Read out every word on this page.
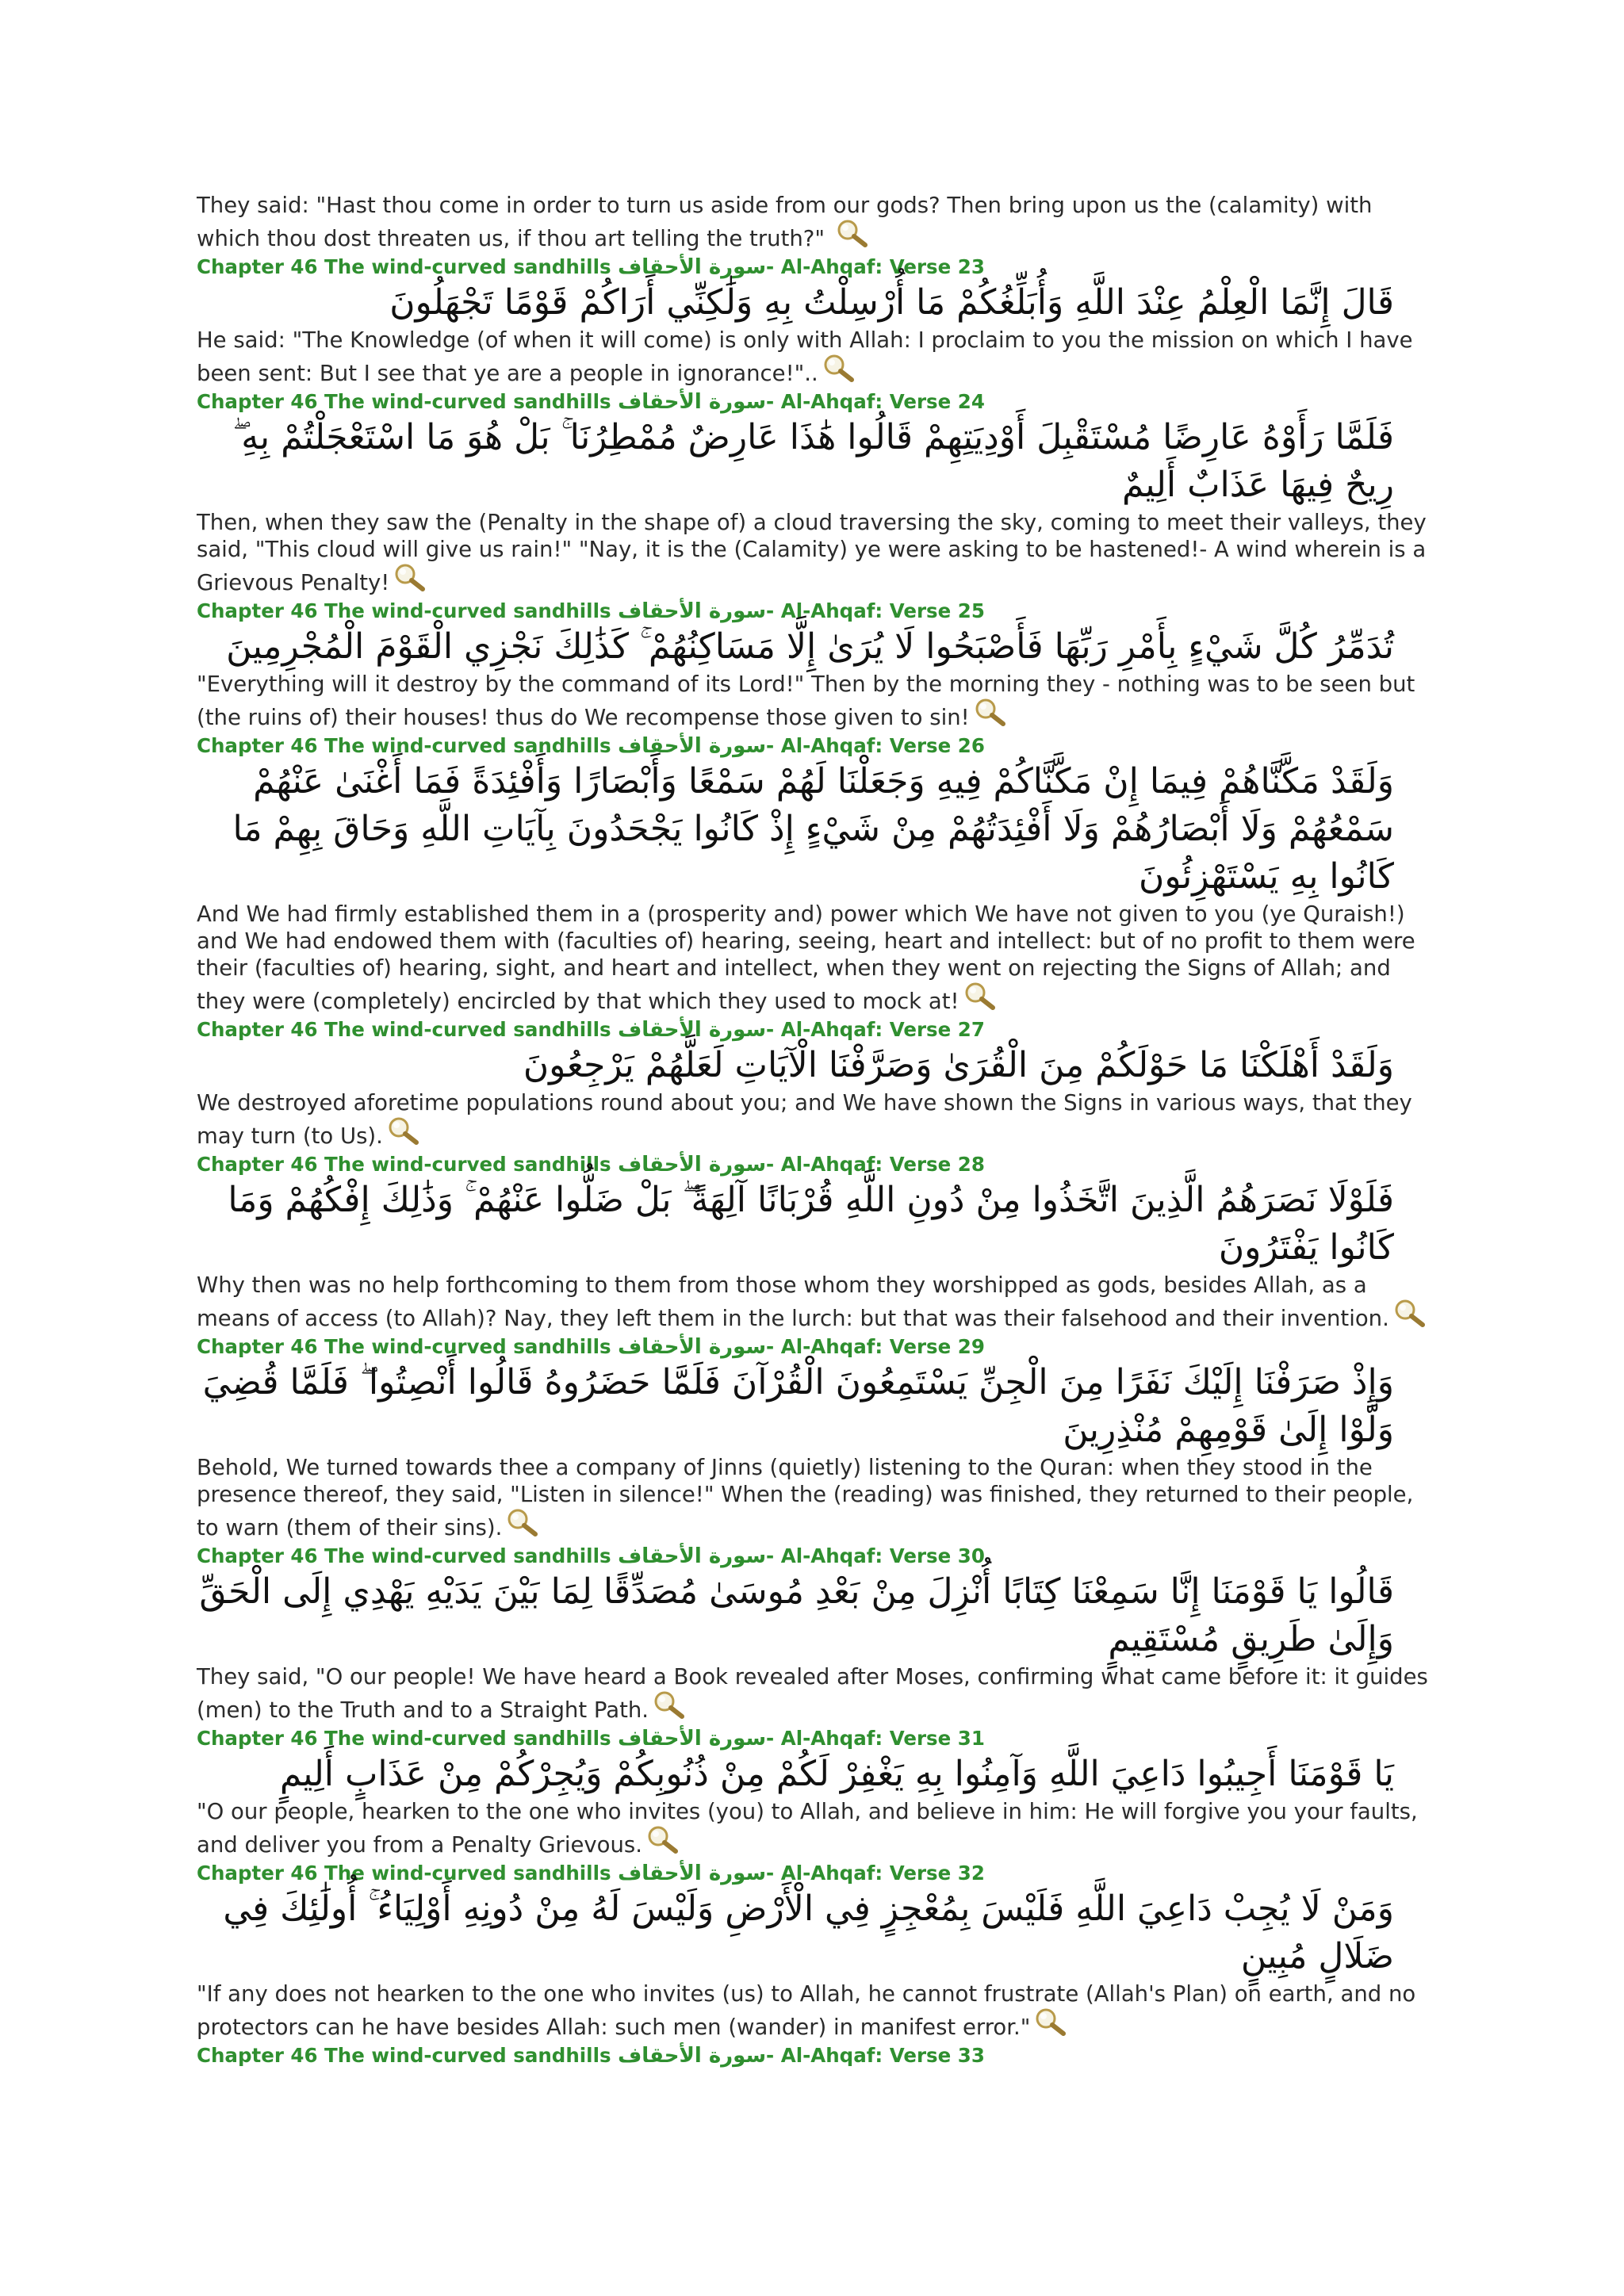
They said: "Hast thou come in order to turn us aside from our gods? Then bring upon us the (calamity) with which thou dost threaten us, if thou art telling the truth?"

Chapter 46 The wind-curved sandhills سورة الأحقاف- Al-Ahqaf: Verse 23

قَالَ إِنَّمَا الْعِلْمُ عِنْدَ اللَّهِ وَأُبَلِّغُكُمْ مَا أُرْسِلْتُ بِهِ وَلَٰكِنِّي أَرَاكُمْ قَوْمًا تَجْهَلُونَ

He said: "The Knowledge (of when it will come) is only with Allah: I proclaim to you the mission on which I have been sent: But I see that ye are a people in ignorance!"..

Chapter 46 The wind-curved sandhills سورة الأحقاف- Al-Ahqaf: Verse 24

فَلَمَّا رَأَوْهُ عَارِضًا مُسْتَقْبِلَ أَوْدِيَتِهِمْ قَالُوا هَٰذَا عَارِضٌ مُمْطِرُنَا ۚ بَلْ هُوَ مَا اسْتَعْجَلْتُمْ بِهِ ۖ رِيحٌ فِيهَا عَذَابٌ أَلِيمٌ

Then, when they saw the (Penalty in the shape of) a cloud traversing the sky, coming to meet their valleys, they said, "This cloud will give us rain!" "Nay, it is the (Calamity) ye were asking to be hastened!- A wind wherein is a Grievous Penalty!

Chapter 46 The wind-curved sandhills سورة الأحقاف- Al-Ahqaf: Verse 25

تُدَمِّرُ كُلَّ شَيْءٍ بِأَمْرِ رَبِّهَا فَأَصْبَحُوا لَا يُرَىٰ إِلَّا مَسَاكِنُهُمْ ۚ كَذَٰلِكَ نَجْزِي الْقَوْمَ الْمُجْرِمِينَ

"Everything will it destroy by the command of its Lord!" Then by the morning they - nothing was to be seen but (the ruins of) their houses! thus do We recompense those given to sin!

Chapter 46 The wind-curved sandhills سورة الأحقاف- Al-Ahqaf: Verse 26

وَلَقَدْ مَكَّنَّاهُمْ فِيمَا إِنْ مَكَّنَّاكُمْ فِيهِ وَجَعَلْنَا لَهُمْ سَمْعًا وَأَبْصَارًا وَأَفْئِدَةً فَمَا أَغْنَىٰ عَنْهُمْ سَمْعُهُمْ وَلَا أَبْصَارُهُمْ وَلَا أَفْئِدَتُهُمْ مِنْ شَيْءٍ إِذْ كَانُوا يَجْحَدُونَ بِآيَاتِ اللَّهِ وَحَاقَ بِهِمْ مَا كَانُوا بِهِ يَسْتَهْزِئُونَ

And We had firmly established them in a (prosperity and) power which We have not given to you (ye Quraish!) and We had endowed them with (faculties of) hearing, seeing, heart and intellect: but of no profit to them were their (faculties of) hearing, sight, and heart and intellect, when they went on rejecting the Signs of Allah; and they were (completely) encircled by that which they used to mock at!

Chapter 46 The wind-curved sandhills سورة الأحقاف- Al-Ahqaf: Verse 27

وَلَقَدْ أَهْلَكْنَا مَا حَوْلَكُمْ مِنَ الْقُرَىٰ وَصَرَّفْنَا الْآيَاتِ لَعَلَّهُمْ يَرْجِعُونَ

We destroyed aforetime populations round about you; and We have shown the Signs in various ways, that they may turn (to Us).

Chapter 46 The wind-curved sandhills سورة الأحقاف- Al-Ahqaf: Verse 28

فَلَوْلَا نَصَرَهُمُ الَّذِينَ اتَّخَذُوا مِنْ دُونِ اللَّهِ قُرْبَانًا آلِهَةً ۖ بَلْ ضَلُّوا عَنْهُمْ ۚ وَذَٰلِكَ إِفْكُهُمْ وَمَا كَانُوا يَفْتَرُونَ

Why then was no help forthcoming to them from those whom they worshipped as gods, besides Allah, as a means of access (to Allah)? Nay, they left them in the lurch: but that was their falsehood and their invention.

Chapter 46 The wind-curved sandhills سورة الأحقاف- Al-Ahqaf: Verse 29

وَإِذْ صَرَفْنَا إِلَيْكَ نَفَرًا مِنَ الْجِنِّ يَسْتَمِعُونَ الْقُرْآنَ فَلَمَّا حَضَرُوهُ قَالُوا أَنْصِتُوا ۖ فَلَمَّا قُضِيَ وَلَّوْا إِلَىٰ قَوْمِهِمْ مُنْذِرِينَ

Behold, We turned towards thee a company of Jinns (quietly) listening to the Quran: when they stood in the presence thereof, they said, "Listen in silence!" When the (reading) was finished, they returned to their people, to warn (them of their sins).

Chapter 46 The wind-curved sandhills سورة الأحقاف- Al-Ahqaf: Verse 30

قَالُوا يَا قَوْمَنَا إِنَّا سَمِعْنَا كِتَابًا أُنْزِلَ مِنْ بَعْدِ مُوسَىٰ مُصَدِّقًا لِمَا بَيْنَ يَدَيْهِ يَهْدِي إِلَى الْحَقِّ وَإِلَىٰ طَرِيقٍ مُسْتَقِيمٍ

They said, "O our people! We have heard a Book revealed after Moses, confirming what came before it: it guides (men) to the Truth and to a Straight Path.

Chapter 46 The wind-curved sandhills سورة الأحقاف- Al-Ahqaf: Verse 31

يَا قَوْمَنَا أَجِيبُوا دَاعِيَ اللَّهِ وَآمِنُوا بِهِ يَغْفِرْ لَكُمْ مِنْ ذُنُوبِكُمْ وَيُجِرْكُمْ مِنْ عَذَابٍ أَلِيمٍ

"O our people, hearken to the one who invites (you) to Allah, and believe in him: He will forgive you your faults, and deliver you from a Penalty Grievous.

Chapter 46 The wind-curved sandhills سورة الأحقاف- Al-Ahqaf: Verse 32

وَمَنْ لَا يُجِبْ دَاعِيَ اللَّهِ فَلَيْسَ بِمُعْجِزٍ فِي الْأَرْضِ وَلَيْسَ لَهُ مِنْ دُونِهِ أَوْلِيَاءُ ۚ أُولَٰئِكَ فِي ضَلَالٍ مُبِينٍ

"If any does not hearken to the one who invites (us) to Allah, he cannot frustrate (Allah's Plan) on earth, and no protectors can he have besides Allah: such men (wander) in manifest error."

Chapter 46 The wind-curved sandhills سورة الأحقاف- Al-Ahqaf: Verse 33
